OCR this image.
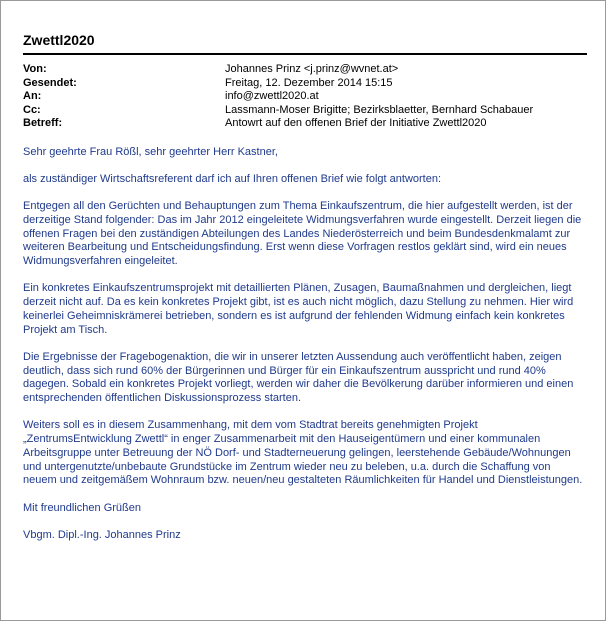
Zwettl2020
Von:	Johannes Prinz <j.prinz@wvnet.at>
Gesendet:	Freitag, 12. Dezember 2014 15:15
An:	info@zwettl2020.at
Cc:	Lassmann-Moser Brigitte; Bezirksblaetter, Bernhard Schabauer
Betreff:	Antowrt auf den offenen Brief der Initiative Zwettl2020

Sehr geehrte Frau Rößl, sehr geehrter Herr Kastner,

als zuständiger Wirtschaftsreferent darf ich auf Ihren offenen Brief wie folgt antworten:

Entgegen all den Gerüchten und Behauptungen zum Thema Einkaufszentrum, die hier aufgestellt werden, ist der derzeitige Stand folgender: Das im Jahr 2012 eingeleitete Widmungsverfahren wurde eingestellt. Derzeit liegen die offenen Fragen bei den zuständigen Abteilungen des Landes Niederösterreich und beim Bundesdenkmalamt zur weiteren Bearbeitung und Entscheidungsfindung. Erst wenn diese Vorfragen restlos geklärt sind, wird ein neues Widmungsverfahren eingeleitet.

Ein konkretes Einkaufszentrumsprojekt mit detaillierten Plänen, Zusagen, Baumaßnahmen und dergleichen, liegt derzeit nicht auf. Da es kein konkretes Projekt gibt, ist es auch nicht möglich, dazu Stellung zu nehmen. Hier wird keinerlei Geheimniskrämerei betrieben, sondern es ist aufgrund der fehlenden Widmung einfach kein konkretes Projekt am Tisch.

Die Ergebnisse der Fragebogenaktion, die wir in unserer letzten Aussendung auch veröffentlicht haben, zeigen deutlich, dass sich rund 60% der Bürgerinnen und Bürger für ein Einkaufszentrum ausspricht und rund 40% dagegen. Sobald ein konkretes Projekt vorliegt, werden wir daher die Bevölkerung darüber informieren und einen entsprechenden öffentlichen Diskussionsprozess starten.

Weiters soll es in diesem Zusammenhang, mit dem vom Stadtrat bereits genehmigten Projekt „ZentrumsEntwicklung Zwettl“ in enger Zusammenarbeit mit den Hauseigentümern und einer kommunalen Arbeitsgruppe unter Betreuung der NÖ Dorf- und Stadterneuerung gelingen, leerstehende Gebäude/Wohnungen und untergenutzte/unbebaute Grundstücke im Zentrum wieder neu zu beleben, u.a. durch die Schaffung von neuem und zeitgemäßem Wohnraum bzw. neuen/neu gestalteten Räumlichkeiten für Handel und Dienstleistungen.

Mit freundlichen Grüßen

Vbgm. Dipl.-Ing. Johannes Prinz
